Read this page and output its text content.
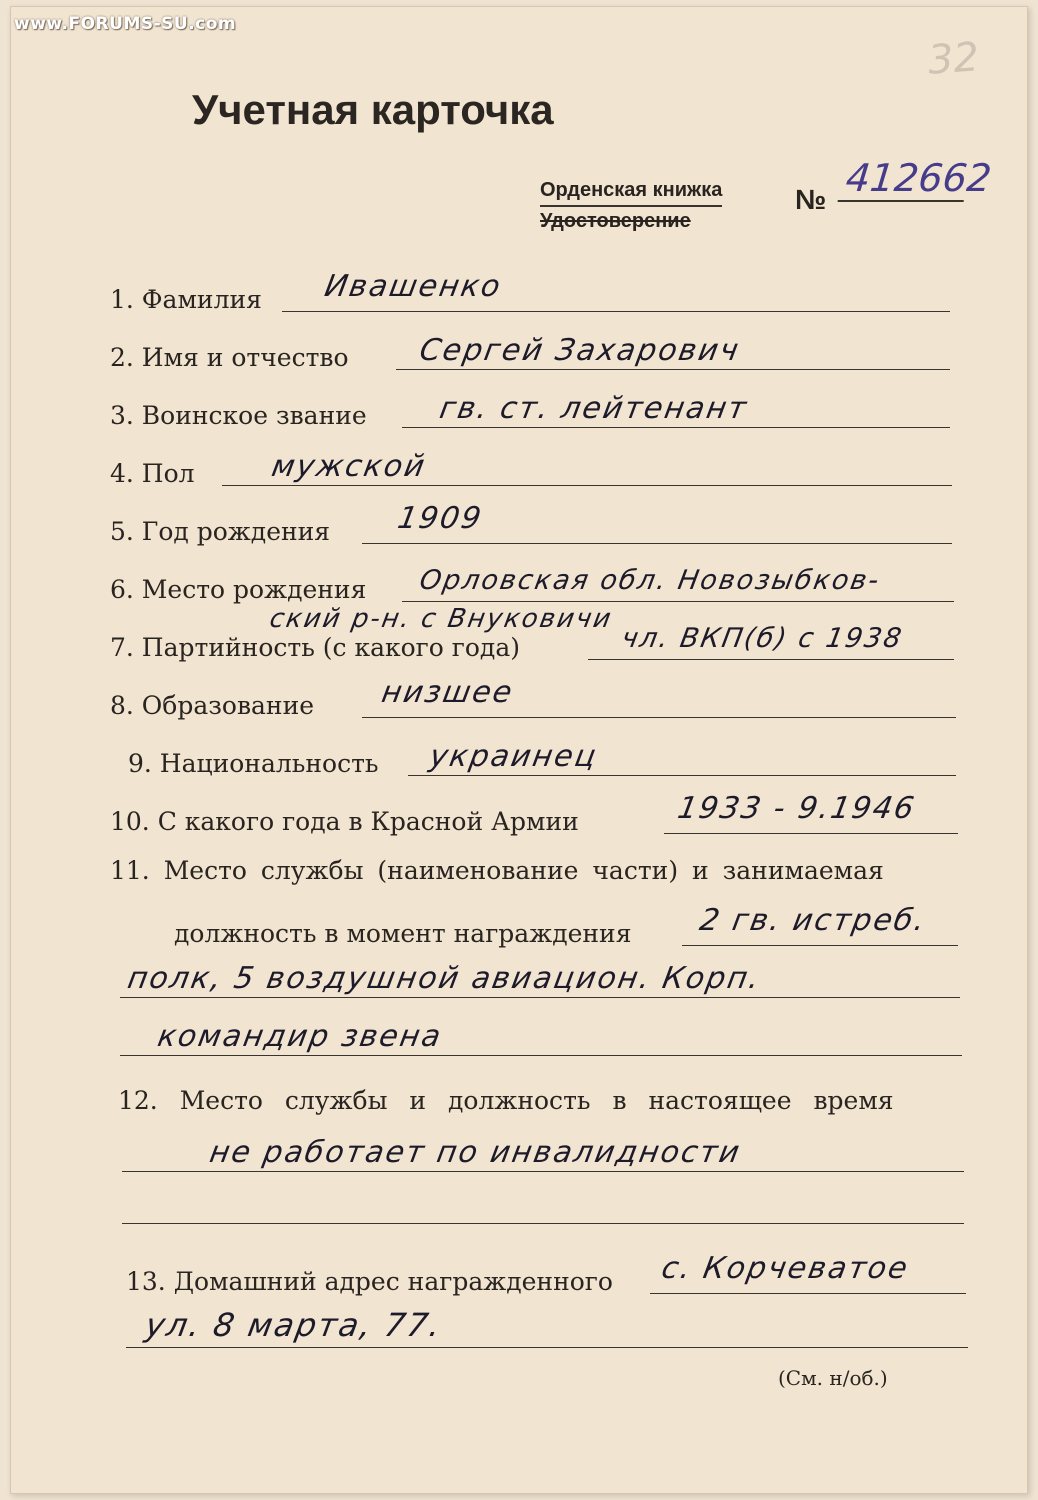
www.FORUMS-SU.com
32
Учетная карточка
Орденская книжка
Удостоверение
№ 412662
1. Фамилия Ивашенко
2. Имя и отчество Сергей Захарович
3. Воинское звание гв. ст. лейтенант
4. Пол мужской
5. Год рождения 1909
6. Место рождения Орловская обл. Новозыбков-
7. Партийность (с какого года)
ский р-н. с Внуковичи
чл. ВКП(б) с 1938
8. Образование низшее
9. Национальность украинец
10. С какого года в Красной Армии	1933 - 9.1946
11. Место службы (наименование части) и занимаемая
должность в момент награждения 2 гв. истреб.
полк, 5 воздушной авиацион. Корп.
командир звена
12. Место службы и должность в настоящее время
не работает по инвалидности
13. Домашний адрес награжденного с. Корчеватое
ул. 8 марта, 77.
(См. н/об.)
